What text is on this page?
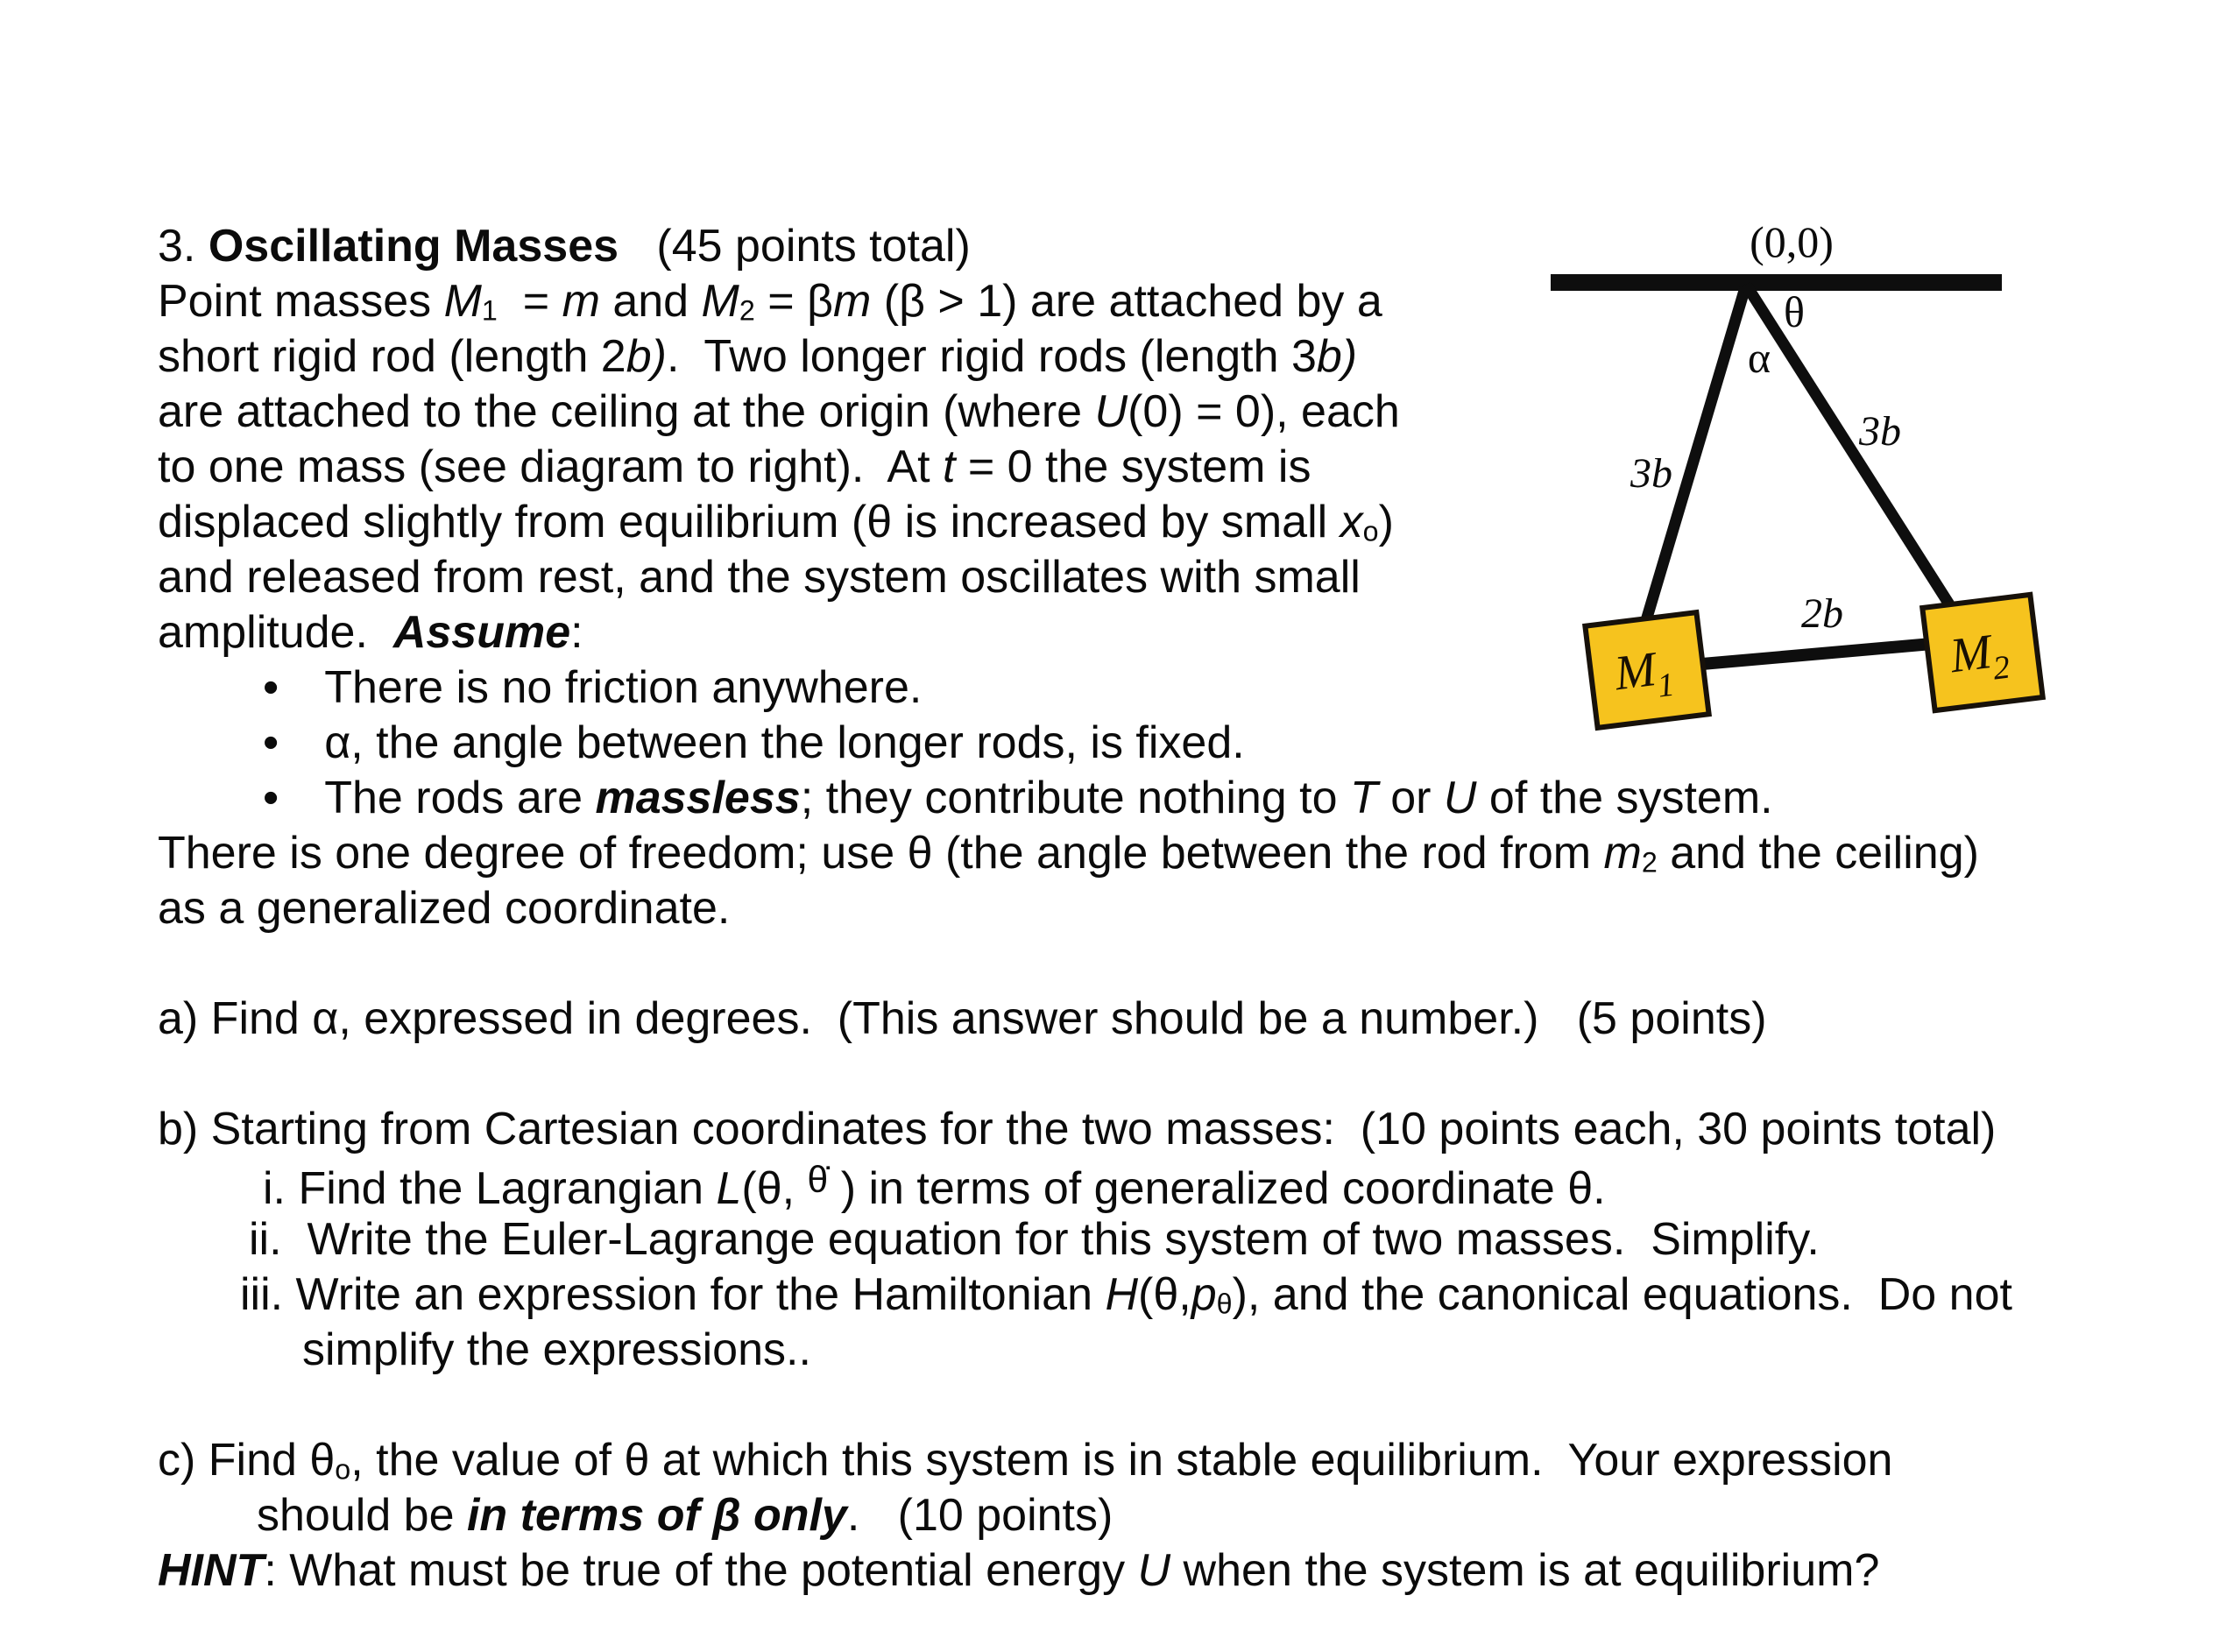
3. Oscillating Masses   (45 points total)
Point masses M1  = m and M2 = βm (β > 1) are attached by a
short rigid rod (length 2b).  Two longer rigid rods (length 3b)
are attached to the ceiling at the origin (where U(0) = 0), each
to one mass (see diagram to right).  At t = 0 the system is
displaced slightly from equilibrium (θ is increased by small xo)
and released from rest, and the system oscillates with small
amplitude.  Assume:
• There is no friction anywhere.
• α, the angle between the longer rods, is fixed.
• The rods are massless; they contribute nothing to T or U of the system.
There is one degree of freedom; use θ (the angle between the rod from m2 and the ceiling)
as a generalized coordinate.
a) Find α, expressed in degrees.  (This answer should be a number.)   (5 points)
b) Starting from Cartesian coordinates for the two masses:  (10 points each, 30 points total)
i. Find the Lagrangian L(θ, $^{\thetȧ}$ ) in terms of generalized coordinate θ.
ii.  Write the Euler-Lagrange equation for this system of two masses.  Simplify.
iii. Write an expression for the Hamiltonian H(θ,pθ), and the canonical equations.  Do not
simplify the expressions..
c) Find θo, the value of θ at which this system is in stable equilibrium.  Your expression
should be in terms of β only.   (10 points)
HINT: What must be true of the potential energy U when the system is at equilibrium?
(0,0)
θ
α
3b
3b
2b
$M_1$
$M_2$
